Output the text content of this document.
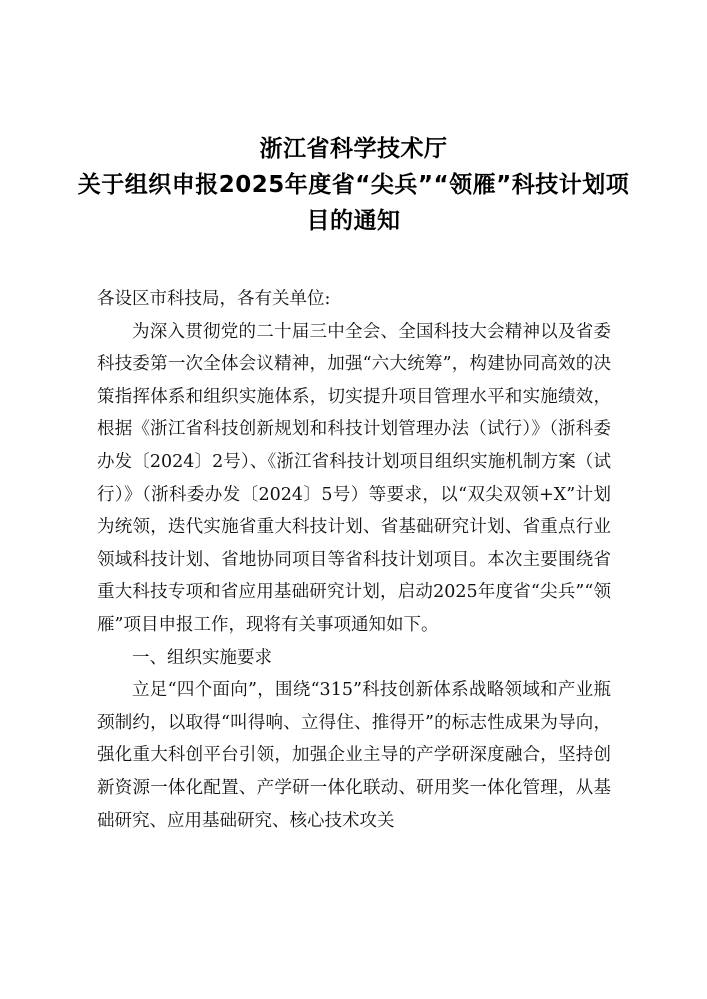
浙江省科学技术厅
关于组织申报2025年度省“尖兵”“领雁”科技计划项
目的通知
各设区市科技局，各有关单位:
为深入贯彻党的二十届三中全会、全国科技大会精神以及省委科技委第一次全体会议精神，加强“六大统筹”，构建协同高效的决策指挥体系和组织实施体系，切实提升项目管理水平和实施绩效，根据《浙江省科技创新规划和科技计划管理办法（试行）》（浙科委办发〔2024〕2号）、《浙江省科技计划项目组织实施机制方案（试行）》（浙科委办发〔2024〕5号）等要求，以“双尖双领+X”计划为统领，迭代实施省重大科技计划、省基础研究计划、省重点行业领域科技计划、省地协同项目等省科技计划项目。本次主要围绕省重大科技专项和省应用基础研究计划，启动2025年度省“尖兵”“领雁”项目申报工作，现将有关事项通知如下。
一、组织实施要求
立足“四个面向”，围绕“315”科技创新体系战略领域和产业瓶颈制约，以取得“叫得响、立得住、推得开”的标志性成果为导向，强化重大科创平台引领，加强企业主导的产学研深度融合，坚持创新资源一体化配置、产学研一体化联动、研用奖一体化管理，从基础研究、应用基础研究、核心技术攻关
